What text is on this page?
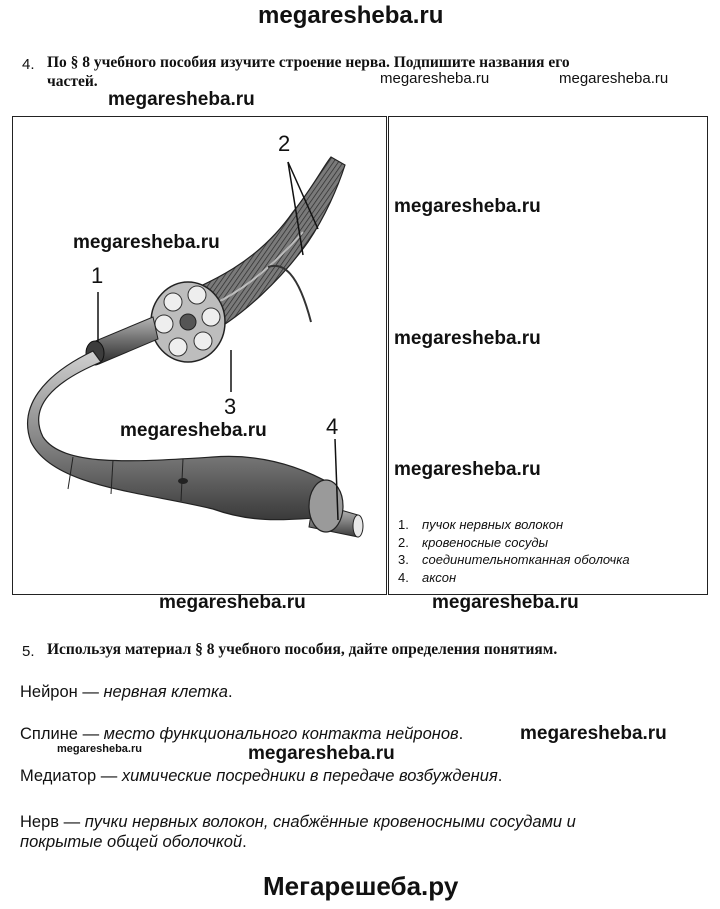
megaresheba.ru
4. По § 8 учебного пособия изучите строение нерва. Подпишите названия его
частей.	megaresheba.ru	megaresheba.ru
megaresheba.ru
1
2
3
4
megaresheba.ru
megaresheba.ru
megaresheba.ru
megaresheba.ru
megaresheba.ru
1. пучок нервных волокон
2. кровеносные сосуды
3. соединительнотканная оболочка
4. аксон
megaresheba.ru	megaresheba.ru
5. Используя материал § 8 учебного пособия, дайте определения понятиям.
Нейрон — нервная клетка.
Сплине — место функционального контакта нейронов.	megaresheba.ru
megaresheba.ru	megaresheba.ru
Медиатор — химические посредники в передаче возбуждения.
Нерв — пучки нервных волокон, снабжённые кровеносными сосудами и
покрытые общей оболочкой.
Мегарешеба.ру
